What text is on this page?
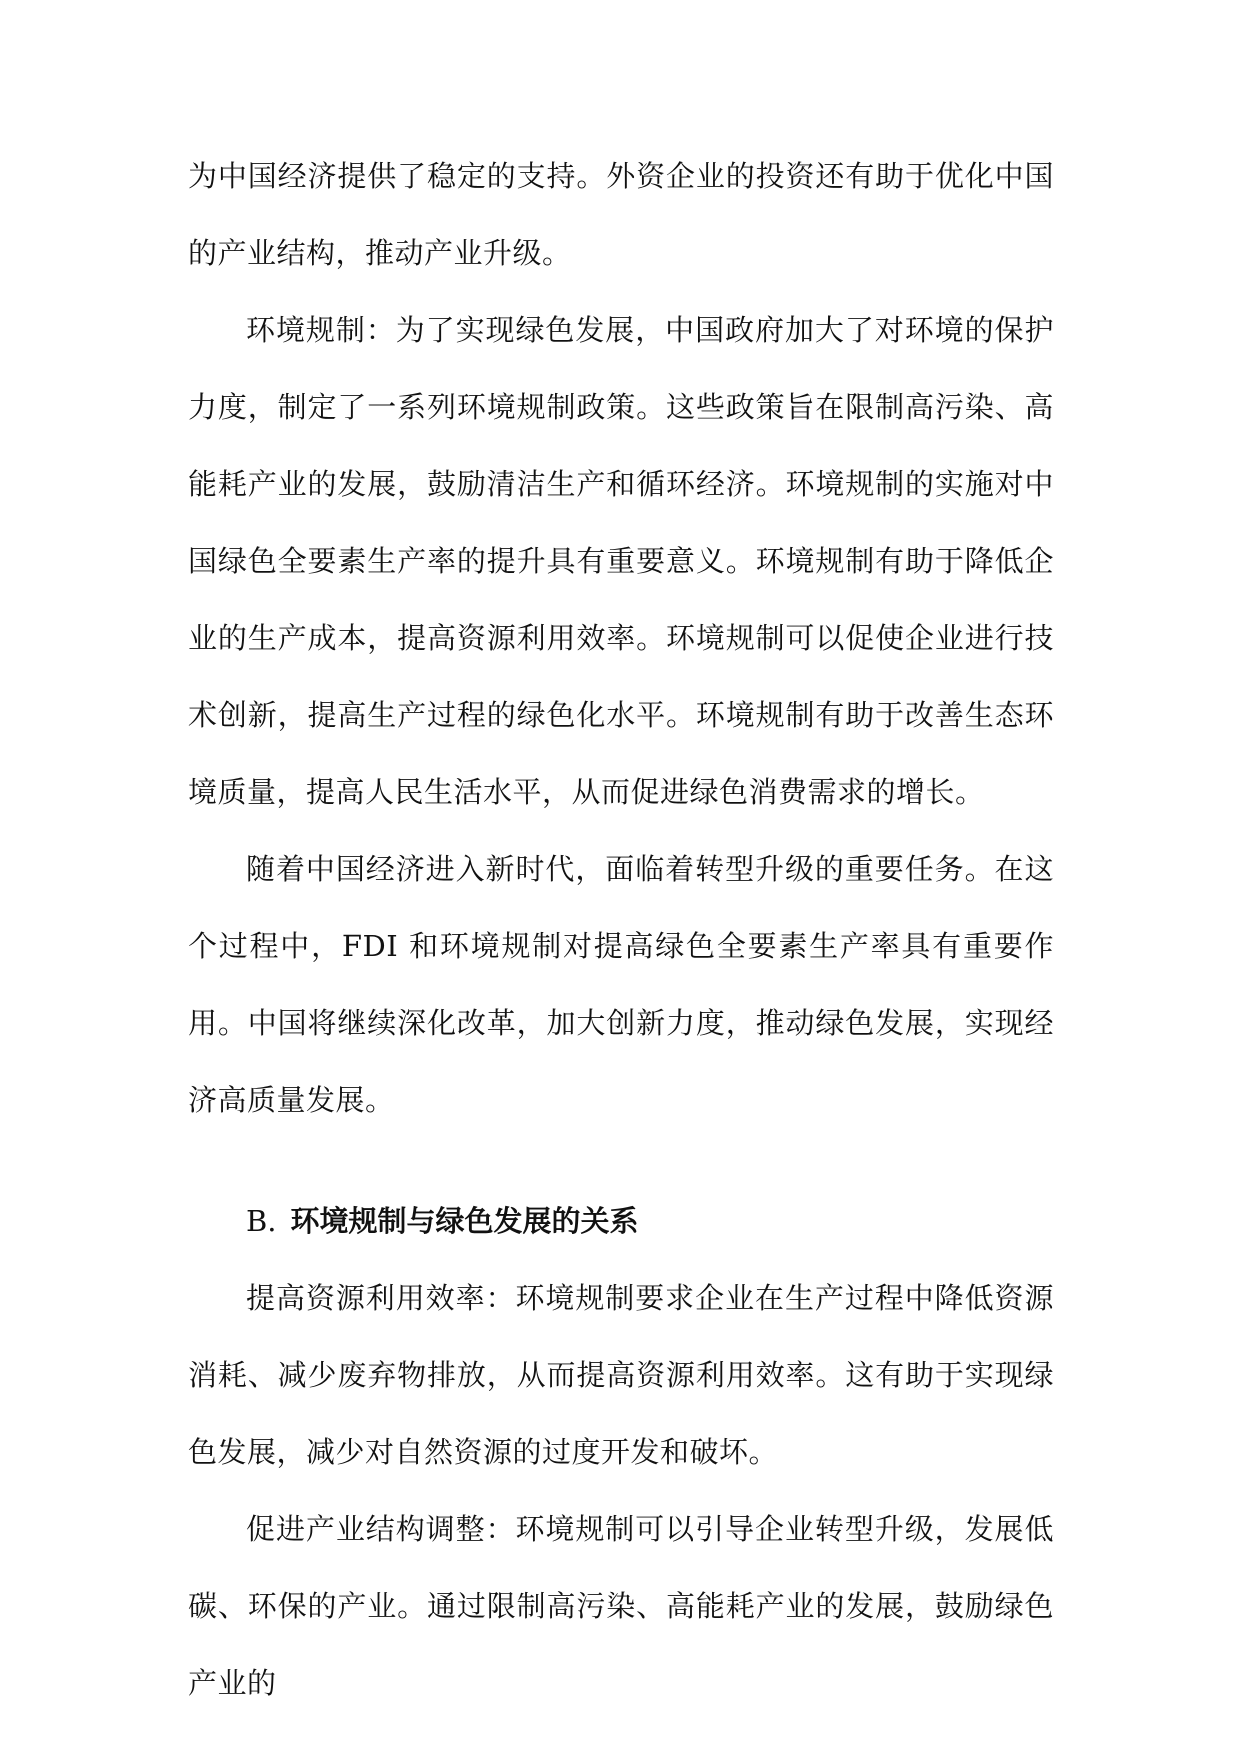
为中国经济提供了稳定的支持。外资企业的投资还有助于优化中国的产业结构，推动产业升级。

环境规制：为了实现绿色发展，中国政府加大了对环境的保护力度，制定了一系列环境规制政策。这些政策旨在限制高污染、高能耗产业的发展，鼓励清洁生产和循环经济。环境规制的实施对中国绿色全要素生产率的提升具有重要意义。环境规制有助于降低企业的生产成本，提高资源利用效率。环境规制可以促使企业进行技术创新，提高生产过程的绿色化水平。环境规制有助于改善生态环境质量，提高人民生活水平，从而促进绿色消费需求的增长。

随着中国经济进入新时代，面临着转型升级的重要任务。在这个过程中，FDI 和环境规制对提高绿色全要素生产率具有重要作用。中国将继续深化改革，加大创新力度，推动绿色发展，实现经济高质量发展。

B. 环境规制与绿色发展的关系

提高资源利用效率：环境规制要求企业在生产过程中降低资源消耗、减少废弃物排放，从而提高资源利用效率。这有助于实现绿色发展，减少对自然资源的过度开发和破坏。

促进产业结构调整：环境规制可以引导企业转型升级，发展低碳、环保的产业。通过限制高污染、高能耗产业的发展，鼓励绿色产业的
